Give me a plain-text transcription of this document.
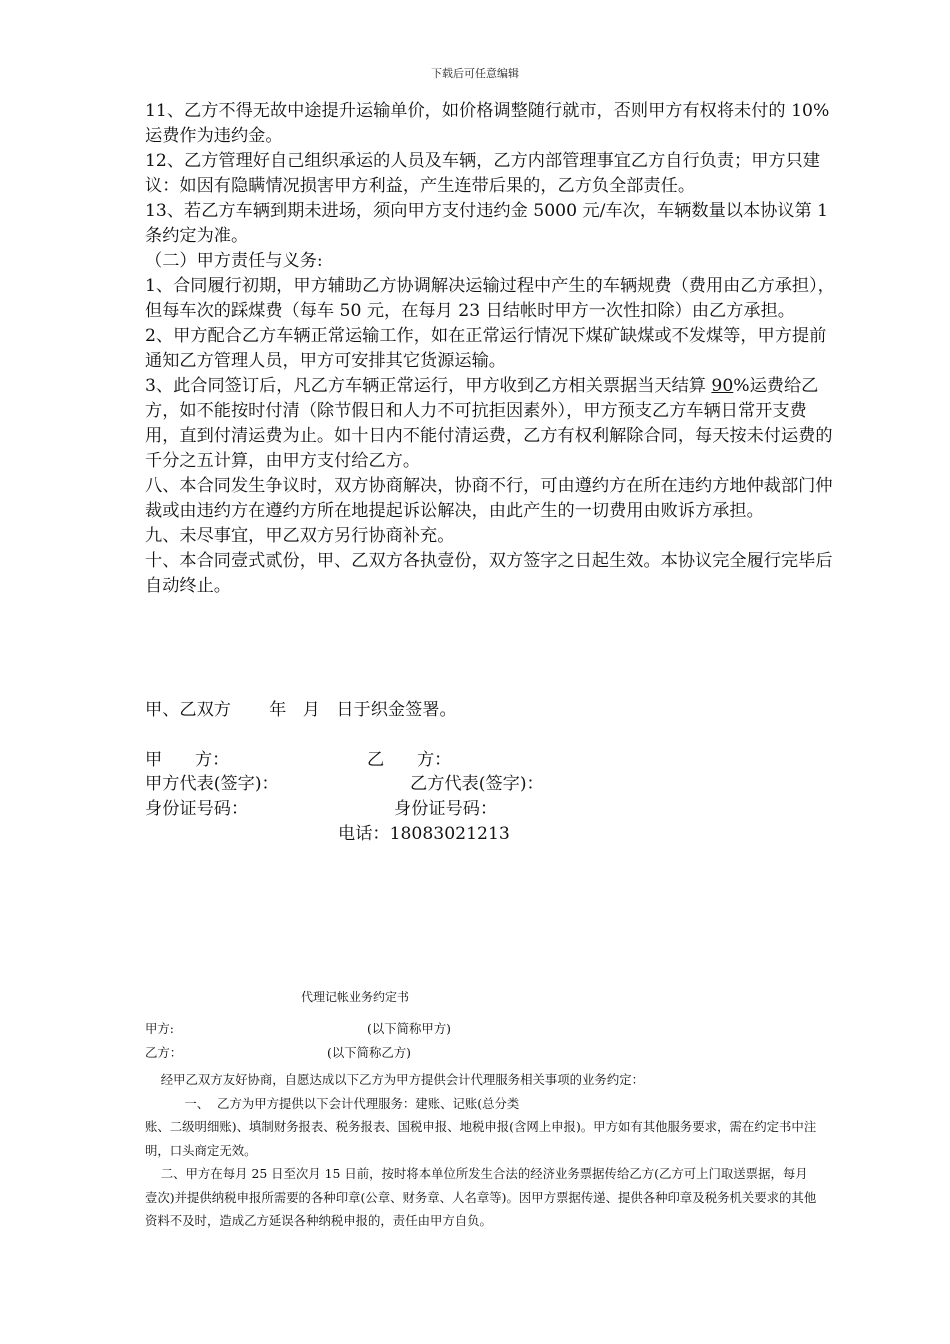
下载后可任意编辑

11、乙方不得无故中途提升运输单价，如价格调整随行就市，否则甲方有权将未付的 10%运费作为违约金。

12、乙方管理好自己组织承运的人员及车辆，乙方内部管理事宜乙方自行负责；甲方只建议：如因有隐瞒情况损害甲方利益，产生连带后果的，乙方负全部责任。

13、若乙方车辆到期未进场，须向甲方支付违约金 5000 元/车次，车辆数量以本协议第 1 条约定为准。

（二）甲方责任与义务:

1、合同履行初期，甲方辅助乙方协调解决运输过程中产生的车辆规费（费用由乙方承担），但每车次的踩煤费（每车 50 元，在每月 23 日结帐时甲方一次性扣除）由乙方承担。

2、甲方配合乙方车辆正常运输工作，如在正常运行情况下煤矿缺煤或不发煤等，甲方提前通知乙方管理人员，甲方可安排其它货源运输。

3、此合同签订后，凡乙方车辆正常运行，甲方收到乙方相关票据当天结算 90%运费给乙方，如不能按时付清（除节假日和人力不可抗拒因素外），甲方预支乙方车辆日常开支费用，直到付清运费为止。如十日内不能付清运费，乙方有权利解除合同，每天按未付运费的千分之五计算，由甲方支付给乙方。

八、本合同发生争议时，双方协商解决，协商不行，可由遵约方在所在违约方地仲裁部门仲裁或由违约方在遵约方所在地提起诉讼解决，由此产生的一切费用由败诉方承担。

九、未尽事宜，甲乙双方另行协商补充。

十、本合同壹式贰份，甲、乙双方各执壹份，双方签字之日起生效。本协议完全履行完毕后自动终止。

甲、乙双方       年   月   日于织金签署。
甲      方：	乙      方：
甲方代表(签字)：	乙方代表(签字)：
身份证号码：	身份证号码：
电话：18083021213
代理记帐业务约定书
甲方:	(以下简称甲方)
乙方：	(以下简称乙方)

经甲乙双方友好协商，自愿达成以下乙方为甲方提供会计代理服务相关事项的业务约定：

一、  乙方为甲方提供以下会计代理服务：建账、记账(总分类

账、二级明细账)、填制财务报表、税务报表、国税申报、地税申报(含网上申报)。甲方如有其他服务要求，需在约定书中注明，口头商定无效。

二、甲方在每月 25 日至次月 15 日前，按时将本单位所发生合法的经济业务票据传给乙方(乙方可上门取送票据，每月壹次)并提供纳税申报所需要的各种印章(公章、财务章、人名章等)。因甲方票据传递、提供各种印章及税务机关要求的其他资料不及时，造成乙方延误各种纳税申报的，责任由甲方自负。
